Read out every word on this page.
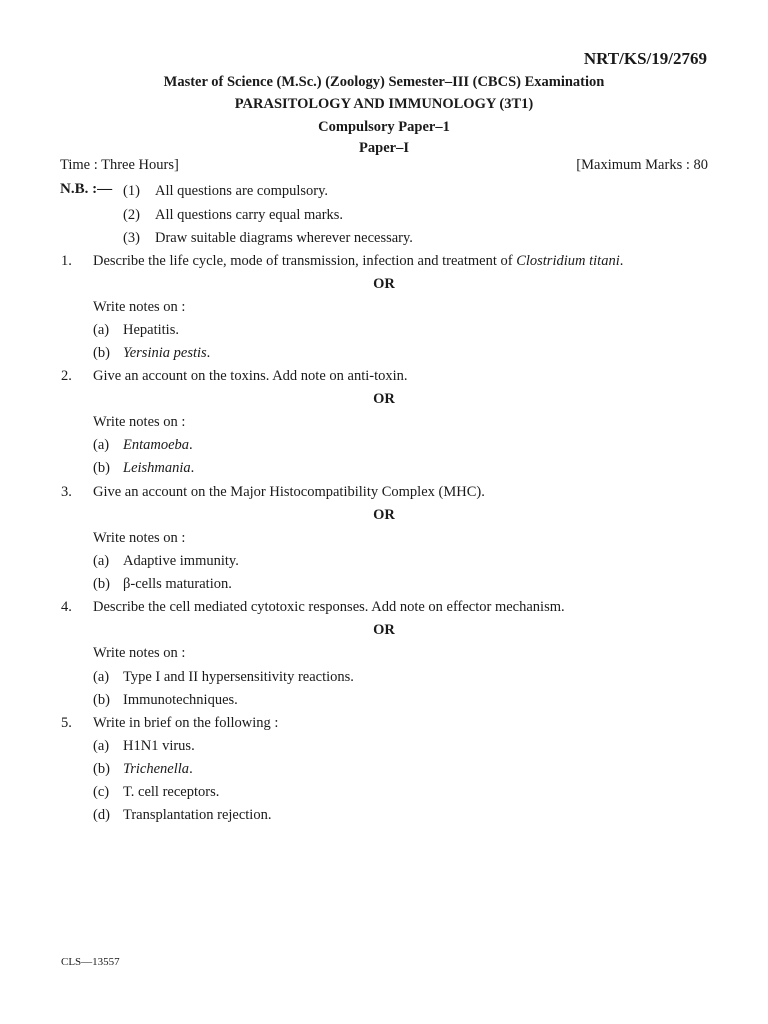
NRT/KS/19/2769
Master of Science (M.Sc.) (Zoology) Semester–III (CBCS) Examination
PARASITOLOGY AND IMMUNOLOGY (3T1)
Compulsory Paper–1
Paper–I
Time : Three Hours]	[Maximum Marks : 80
N.B. :— (1) All questions are compulsory.
(2) All questions carry equal marks.
(3) Draw suitable diagrams wherever necessary.
1. Describe the life cycle, mode of transmission, infection and treatment of Clostridium titani.
OR
Write notes on :
(a) Hepatitis.
(b) Yersinia pestis.
2. Give an account on the toxins. Add note on anti-toxin.
OR
Write notes on :
(a) Entamoeba.
(b) Leishmania.
3. Give an account on the Major Histocompatibility Complex (MHC).
OR
Write notes on :
(a) Adaptive immunity.
(b) β-cells maturation.
4. Describe the cell mediated cytotoxic responses. Add note on effector mechanism.
OR
Write notes on :
(a) Type I and II hypersensitivity reactions.
(b) Immunotechniques.
5. Write in brief on the following :
(a) H1N1 virus.
(b) Trichenella.
(c) T. cell receptors.
(d) Transplantation rejection.
CLS—13557
